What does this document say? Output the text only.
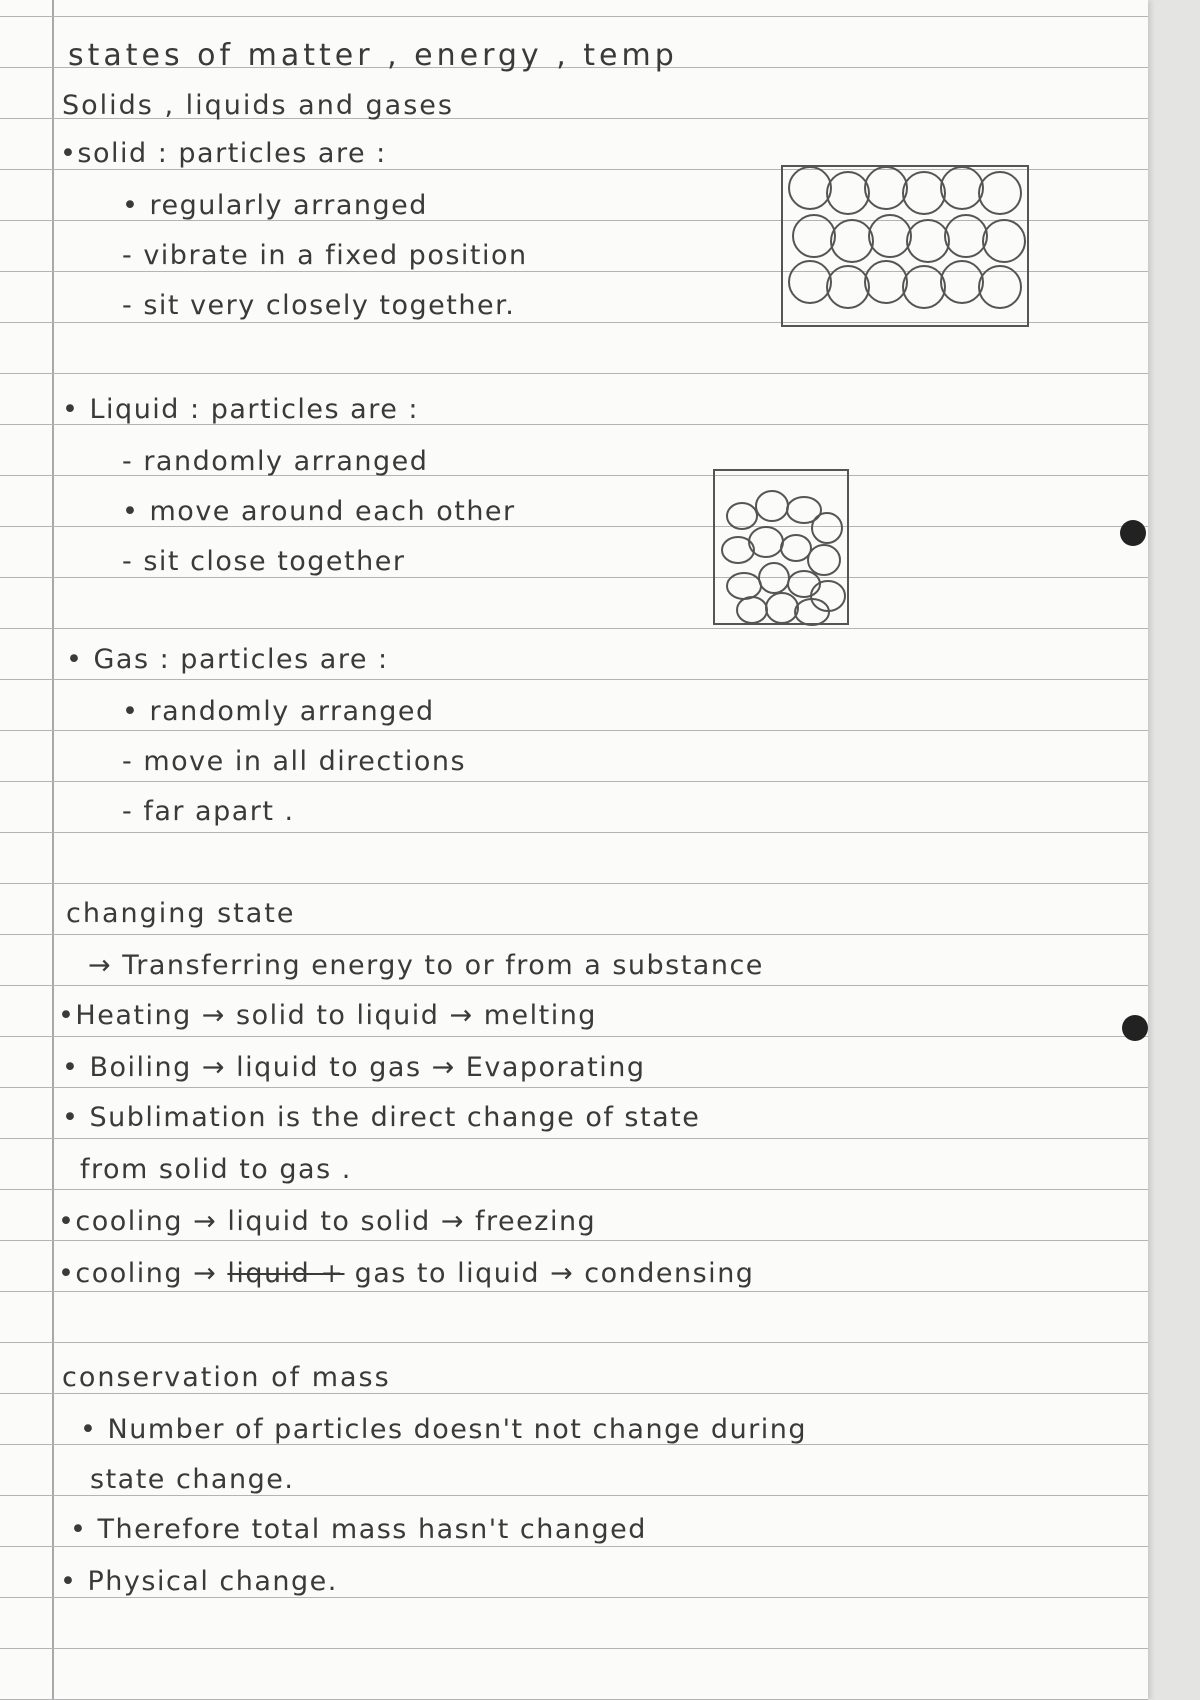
states of matter , energy , temp
Solids , liquids and gases
•solid : particles are :
• regularly arranged
- vibrate in a fixed position
- sit very closely together.
• Liquid : particles are :
- randomly arranged
• move around each other
- sit close together
• Gas : particles are :
• randomly arranged
- move in all directions
- far apart .
changing state
→ Transferring energy to or from a substance
•Heating → solid to liquid → melting
• Boiling → liquid to gas → Evaporating
• Sublimation is the direct change of state
from solid to gas .
•cooling → liquid to solid → freezing
•cooling → liquid + gas to liquid → condensing
conservation of mass
• Number of particles doesn't not change during
state change.
• Therefore total mass hasn't changed
• Physical change.
